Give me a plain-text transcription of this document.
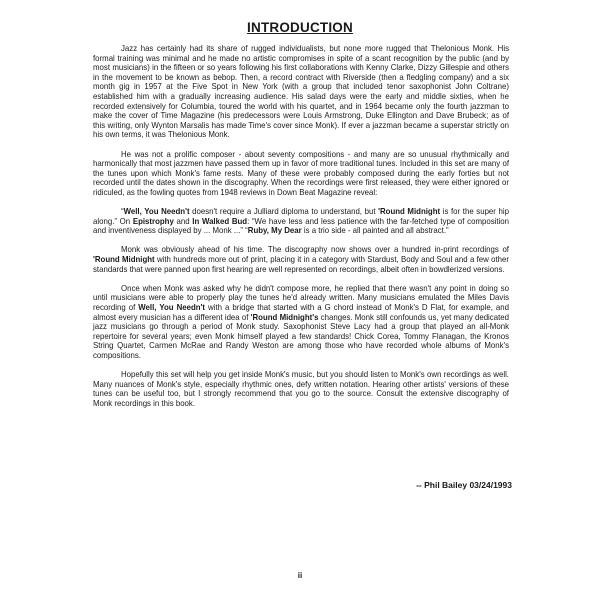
INTRODUCTION

Jazz has certainly had its share of rugged individualists, but none more rugged that Thelonious Monk. His formal training was minimal and he made no artistic compromises in spite of a scant recognition by the public (and by most musicians) in the fifteen or so years following his first collaborations with Kenny Clarke, Dizzy Gillespie and others in the movement to be known as bebop. Then, a record contract with Riverside (then a fledgling company) and a six month gig in 1957 at the Five Spot in New York (with a group that included tenor saxophonist John Coltrane) established him with a gradually increasing audience. His salad days were the early and middle sixties, when he recorded extensively for Columbia, toured the world with his quartet, and in 1964 became only the fourth jazzman to make the cover of Time Magazine (his predecessors were Louis Armstrong, Duke Ellington and Dave Brubeck; as of this writing, only Wynton Marsalis has made Time's cover since Monk). If ever a jazzman became a superstar strictly on his own terms, it was Thelonious Monk.

He was not a prolific composer - about seventy compositions - and many are so unusual rhythmically and harmonically that most jazzmen have passed them up in favor of more traditional tunes. Included in this set are many of the tunes upon which Monk's fame rests. Many of these were probably composed during the early forties but not recorded until the dates shown in the discography. When the recordings were first released, they were either ignored or ridiculed, as the fowling quotes from 1948 reviews in Down Beat Magazine reveal:

“Well, You Needn't doesn't require a Julliard diploma to understand, but 'Round Midnight is for the super hip along.” On Epistrophy and In Walked Bud: “We have less and less patience with the far-fetched type of composition and inventiveness displayed by ... Monk ...” “Ruby, My Dear is a trio side - all painted and all abstract.”

Monk was obviously ahead of his time. The discography now shows over a hundred in-print recordings of 'Round Midnight with hundreds more out of print, placing it in a category with Stardust, Body and Soul and a few other standards that were panned upon first hearing are well represented on recordings, albeit often in bowdlerized versions.

Once when Monk was asked why he didn't compose more, he replied that there wasn't any point in doing so until musicians were able to properly play the tunes he'd already written. Many musicians emulated the Miles Davis recording of Well, You Needn't with a bridge that started with a G chord instead of Monk's D Flat, for example, and almost every musician has a different idea of 'Round Midnight's changes. Monk still confounds us, yet many dedicated jazz musicians go through a period of Monk study. Saxophonist Steve Lacy had a group that played an all-Monk repertoire for several years; even Monk himself played a few standards! Chick Corea, Tommy Flanagan, the Kronos String Quartet, Carmen McRae and Randy Weston are among those who have recorded whole albums of Monk's compositions.

Hopefully this set will help you get inside Monk's music, but you should listen to Monk's own recordings as well. Many nuances of Monk's style, especially rhythmic ones, defy written notation. Hearing other artists' versions of these tunes can be useful too, but I strongly recommend that you go to the source. Consult the extensive discography of Monk recordings in this book.

-- Phil Bailey 03/24/1993

ii
